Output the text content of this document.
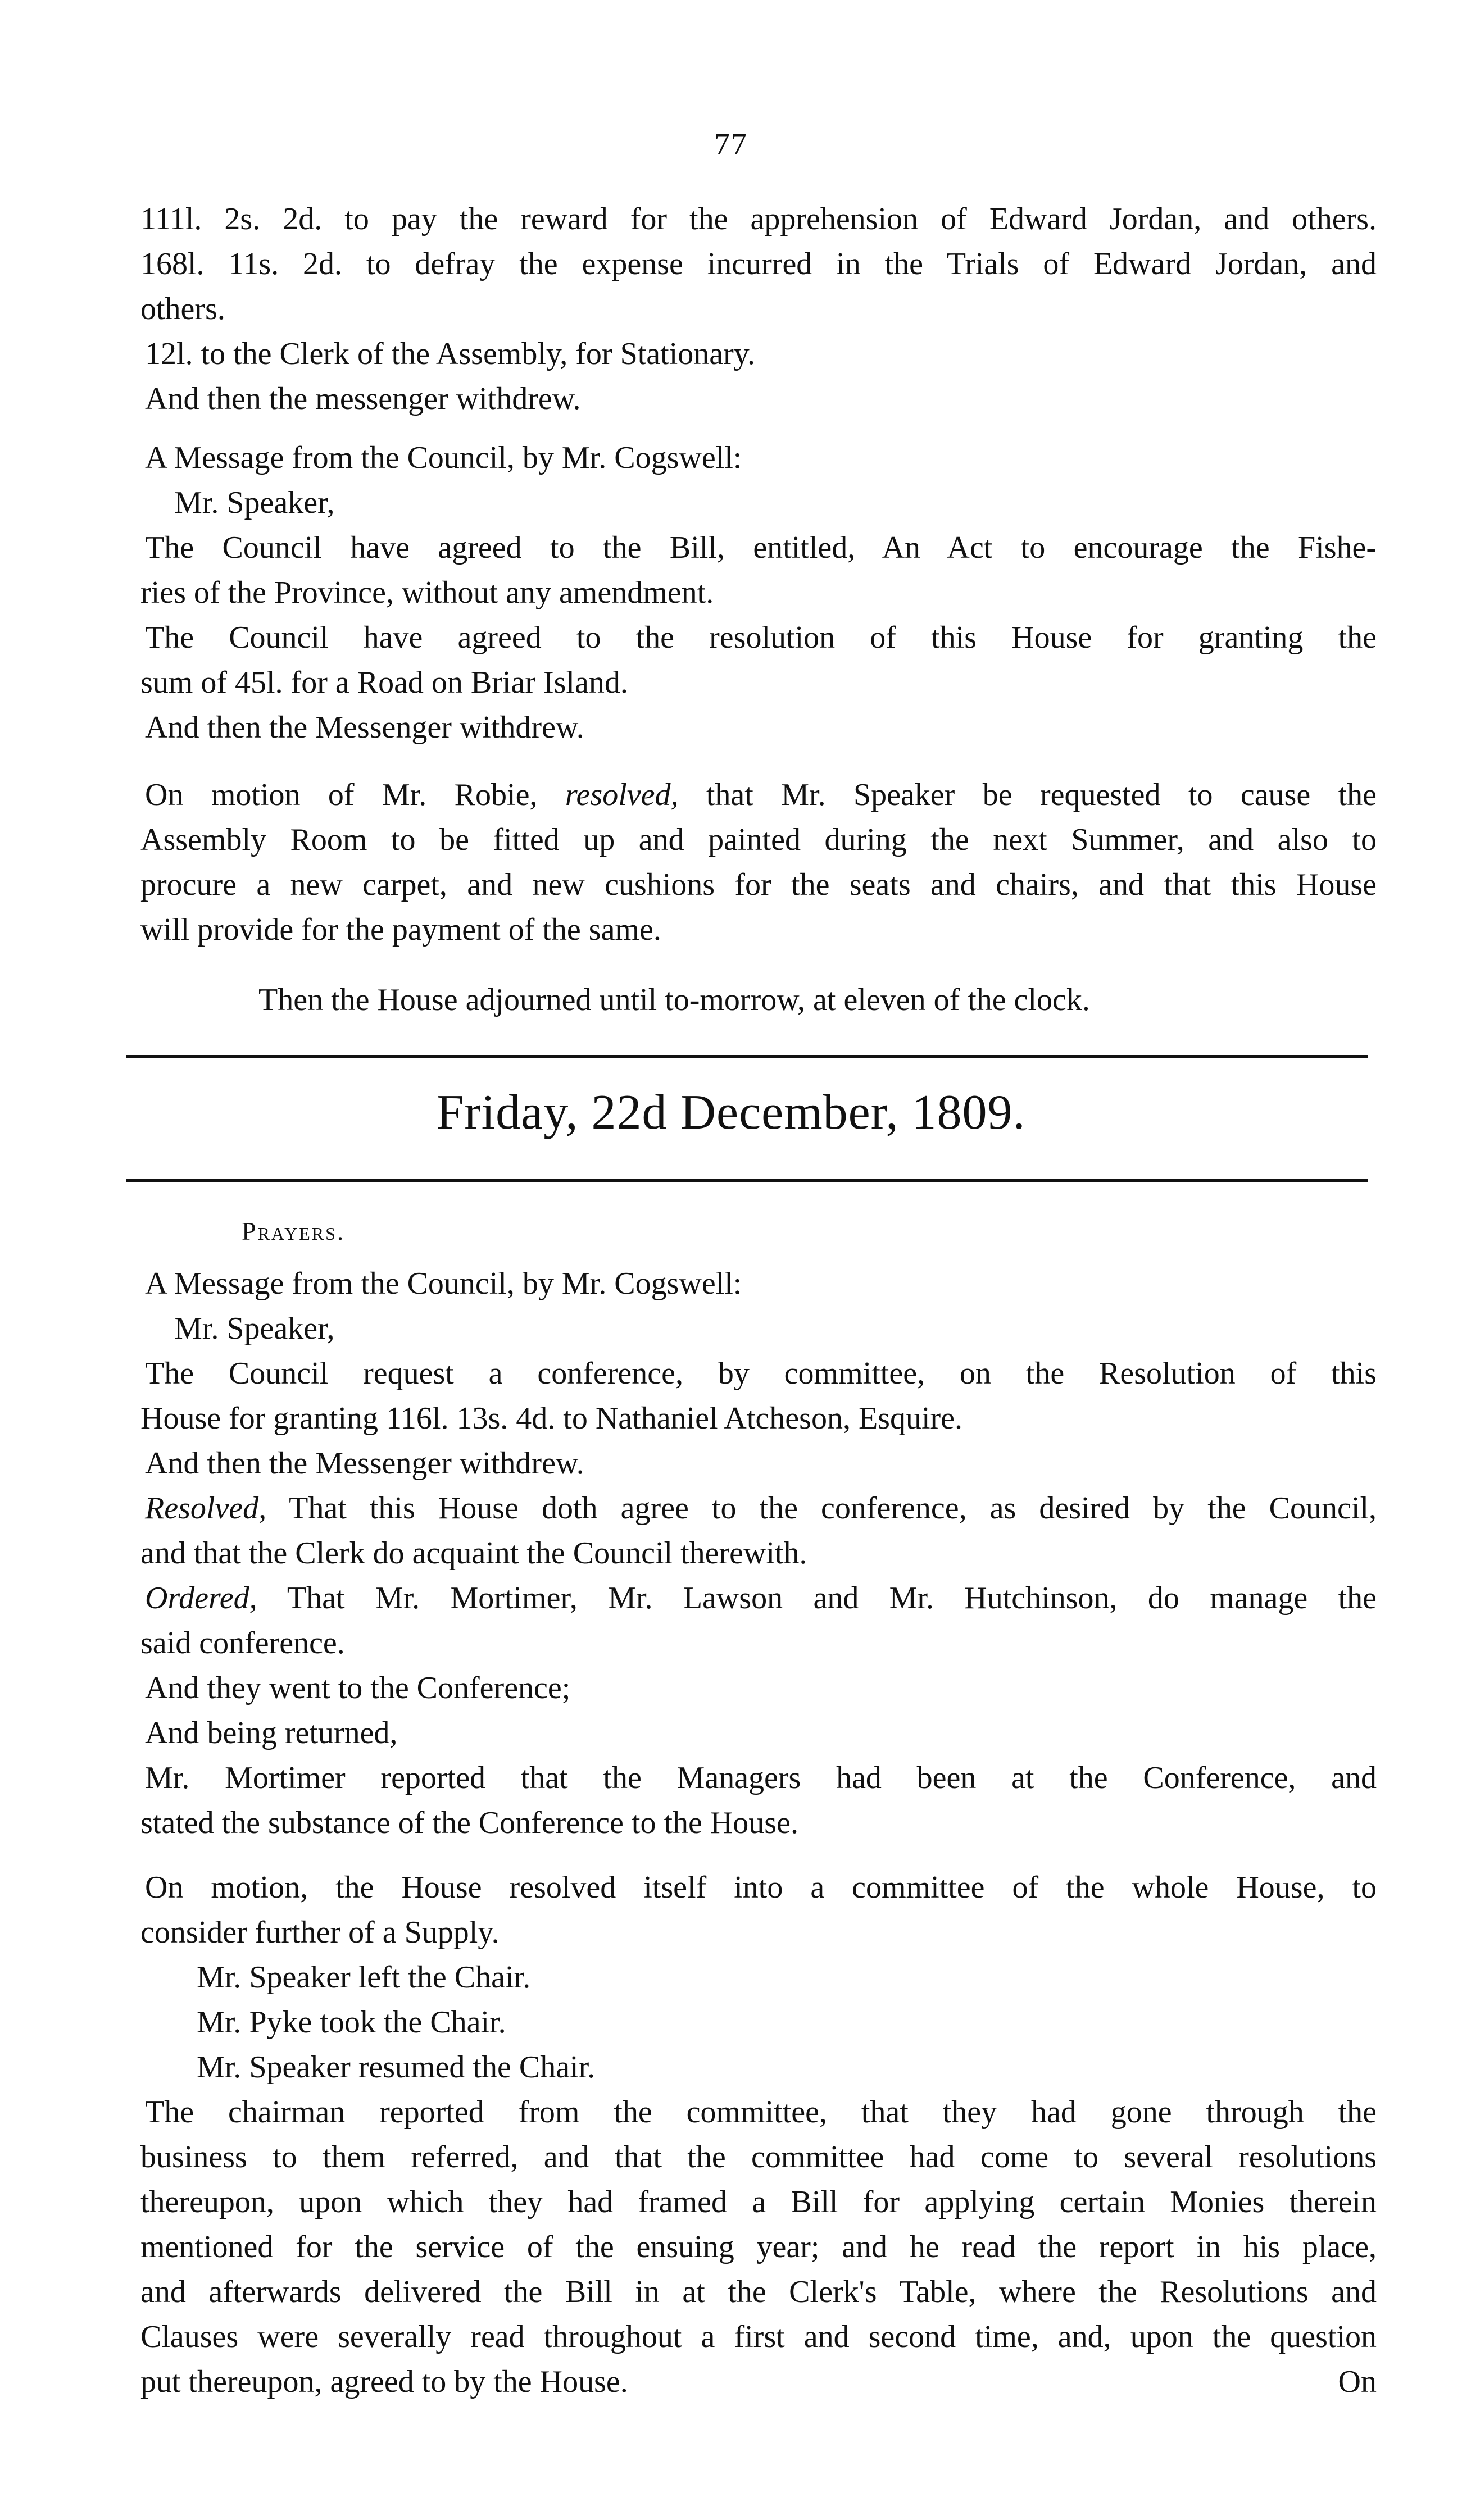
77
111l. 2s. 2d. to pay the reward for the apprehension of Edward Jordan, and others.
168l. 11s. 2d. to defray the expense incurred in the Trials of Edward Jordan, and
others.
12l. to the Clerk of the Assembly, for Stationary.
And then the messenger withdrew.
A Message from the Council, by Mr. Cogswell:
Mr. Speaker,
The Council have agreed to the Bill, entitled, An Act to encourage the Fishe-
ries of the Province, without any amendment.
The Council have agreed to the resolution of this House for granting the
sum of 45l. for a Road on Briar Island.
And then the Messenger withdrew.
On motion of Mr. Robie, resolved, that Mr. Speaker be requested to cause the
Assembly Room to be fitted up and painted during the next Summer, and also to
procure a new carpet, and new cushions for the seats and chairs, and that this House
will provide for the payment of the same.
Then the House adjourned until to-morrow, at eleven of the clock.
Friday, 22d December, 1809.
Prayers.
A Message from the Council, by Mr. Cogswell:
Mr. Speaker,
The Council request a conference, by committee, on the Resolution of this
House for granting 116l. 13s. 4d. to Nathaniel Atcheson, Esquire.
And then the Messenger withdrew.
Resolved, That this House doth agree to the conference, as desired by the Council,
and that the Clerk do acquaint the Council therewith.
Ordered, That Mr. Mortimer, Mr. Lawson and Mr. Hutchinson, do manage the
said conference.
And they went to the Conference;
And being returned,
Mr. Mortimer reported that the Managers had been at the Conference, and
stated the substance of the Conference to the House.
On motion, the House resolved itself into a committee of the whole House, to
consider further of a Supply.
Mr. Speaker left the Chair.
Mr. Pyke took the Chair.
Mr. Speaker resumed the Chair.
The chairman reported from the committee, that they had gone through the
business to them referred, and that the committee had come to several resolutions
thereupon, upon which they had framed a Bill for applying certain Monies therein
mentioned for the service of the ensuing year; and he read the report in his place,
and afterwards delivered the Bill in at the Clerk's Table, where the Resolutions and
Clauses were severally read throughout a first and second time, and, upon the question
put thereupon, agreed to by the House.	On
